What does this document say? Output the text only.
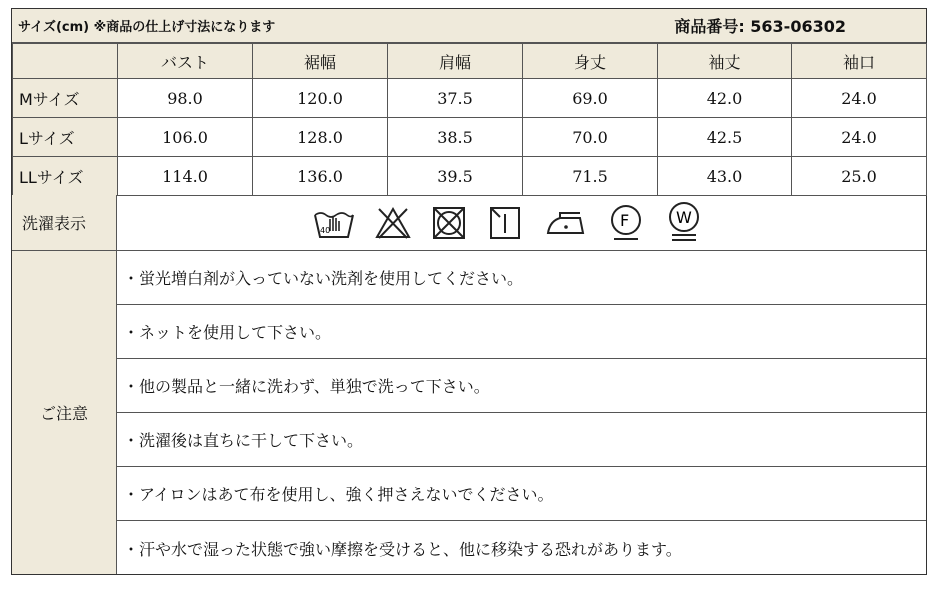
サイズ(cm) ※商品の仕上げ寸法になります	商品番号: 563-06302
	バスト	裾幅	肩幅	身丈	袖丈	袖口
Mサイズ	98.0	120.0	37.5	69.0	42.0	24.0
Lサイズ	106.0	128.0	38.5	70.0	42.5	24.0
LLサイズ	114.0	136.0	39.5	71.5	43.0	25.0
洗濯表示	40
F	W
ご注意
・蛍光増白剤が入っていない洗剤を使用してください。
・ネットを使用して下さい。
・他の製品と一緒に洗わず、単独で洗って下さい。
・洗濯後は直ちに干して下さい。
・アイロンはあて布を使用し、強く押さえないでください。
・汗や水で湿った状態で強い摩擦を受けると、他に移染する恐れがあります。
